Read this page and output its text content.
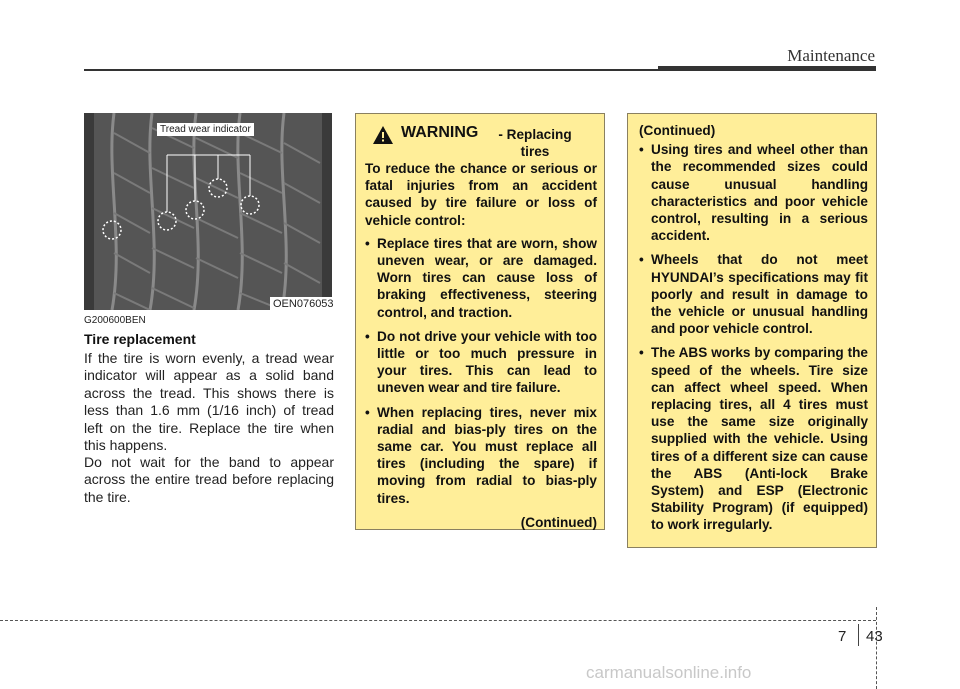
Maintenance
Tread wear indicator
OEN076053
G200600BEN
Tire replacement
If the tire is worn evenly, a tread wear indicator will appear as a solid band across the tread. This shows there is less than 1.6 mm (1/16 inch) of tread left on the tire. Replace the tire when this happens.
Do not wait for the band to appear across the entire tread before replacing the tire.
WARNING	- Replacing tires
To reduce the chance or serious or fatal injuries from an accident caused by tire failure or loss of vehicle control:
• Replace tires that are worn, show uneven wear, or are damaged. Worn tires can cause loss of braking effectiveness, steering control, and traction.
• Do not drive your vehicle with too little or too much pressure in your tires. This can lead to uneven wear and tire failure.
• When replacing tires, never mix radial and bias-ply tires on the same car. You must replace all tires (including the spare) if moving from radial to bias-ply tires.
(Continued)
(Continued)
• Using tires and wheel other than the recommended sizes could cause unusual handling characteristics and poor vehicle control, resulting in a serious accident.
• Wheels that do not meet HYUNDAI’s specifications may fit poorly and result in damage to the vehicle or unusual handling and poor vehicle control.
• The ABS works by comparing the speed of the wheels. Tire size can affect wheel speed. When replacing tires, all 4 tires must use the same size originally supplied with the vehicle. Using tires of a different size can cause the ABS (Anti-lock Brake System) and ESP (Electronic Stability Program) (if equipped) to work irregularly.
7 43
carmanualsonline.info
